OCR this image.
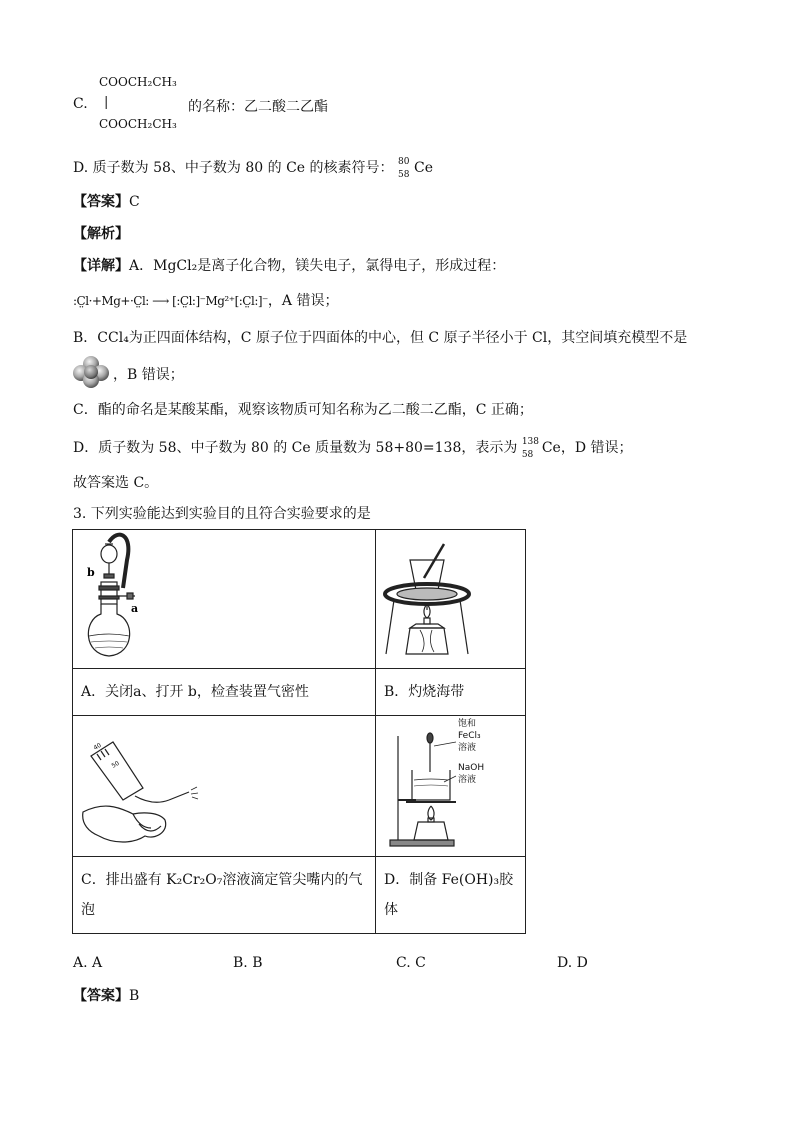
COOCH₂CH₃
C. |	的名称：乙二酸二乙酯
COOCH₂CH₃
D. 质子数为 58、中子数为 80 的 Ce 的核素符号： 80
58 Ce
【答案】C
【解析】
【详解】A．MgCl₂是离子化合物，镁失电子，氯得电子，形成过程：
:C̤l·+Mg+·C̤l: ⟶ [:C̤l:]⁻Mg²⁺[:C̤l:]⁻，A 错误；
B．CCl₄为正四面体结构，C 原子位于四面体的中心，但 C 原子半径小于 Cl，其空间填充模型不是
，B 错误；
C．酯的命名是某酸某酯，观察该物质可知名称为乙二酸二乙酯，C 正确；
D．质子数为 58、中子数为 80 的 Ce 质量数为 58+80=138，表示为 138
58 Ce，D 错误；
故答案选 C。
3. 下列实验能达到实验目的且符合实验要求的是
b
a

A．关闭a、打开 b，检查装置气密性	B．灼烧海带

40
50	饱和
FeCl₃
溶液
NaOH
溶液

C．排出盛有 K₂Cr₂O₇溶液滴定管尖嘴内的气泡	D．制备 Fe(OH)₃胶体
A. A	B. B	C. C	D. D
【答案】B
